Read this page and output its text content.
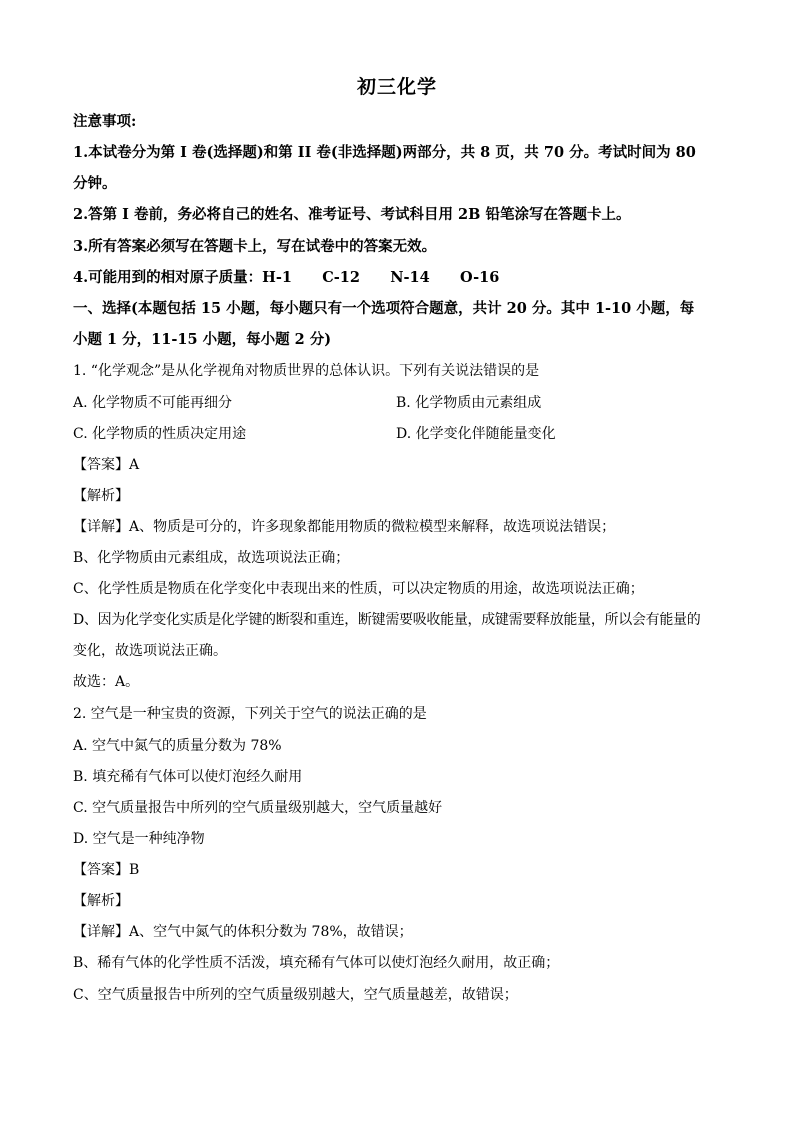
初三化学
注意事项:
1.本试卷分为第 I 卷(选择题)和第 II 卷(非选择题)两部分，共 8 页，共 70 分。考试时间为 80
分钟。
2.答第 I 卷前，务必将自己的姓名、准考证号、考试科目用 2B 铅笔涂写在答题卡上。
3.所有答案必须写在答题卡上，写在试卷中的答案无效。
4.可能用到的相对原子质量：H-1      C-12      N-14      O-16
一、选择(本题包括 15 小题，每小题只有一个选项符合题意，共计 20 分。其中 1-10 小题，每
小题 1 分，11-15 小题，每小题 2 分)
1. “化学观念”是从化学视角对物质世界的总体认识。下列有关说法错误的是
A. 化学物质不可能再细分	B. 化学物质由元素组成
C. 化学物质的性质决定用途	D. 化学变化伴随能量变化
【答案】A
【解析】
【详解】A、物质是可分的，许多现象都能用物质的微粒模型来解释，故选项说法错误；
B、化学物质由元素组成，故选项说法正确；
C、化学性质是物质在化学变化中表现出来的性质，可以决定物质的用途，故选项说法正确；
D、因为化学变化实质是化学键的断裂和重连，断键需要吸收能量，成键需要释放能量，所以会有能量的
变化，故选项说法正确。
故选：A。
2. 空气是一种宝贵的资源，下列关于空气的说法正确的是
A. 空气中氮气的质量分数为 78%
B. 填充稀有气体可以使灯泡经久耐用
C. 空气质量报告中所列的空气质量级别越大，空气质量越好
D. 空气是一种纯净物
【答案】B
【解析】
【详解】A、空气中氮气的体积分数为 78%，故错误；
B、稀有气体的化学性质不活泼，填充稀有气体可以使灯泡经久耐用，故正确；
C、空气质量报告中所列的空气质量级别越大，空气质量越差，故错误；
